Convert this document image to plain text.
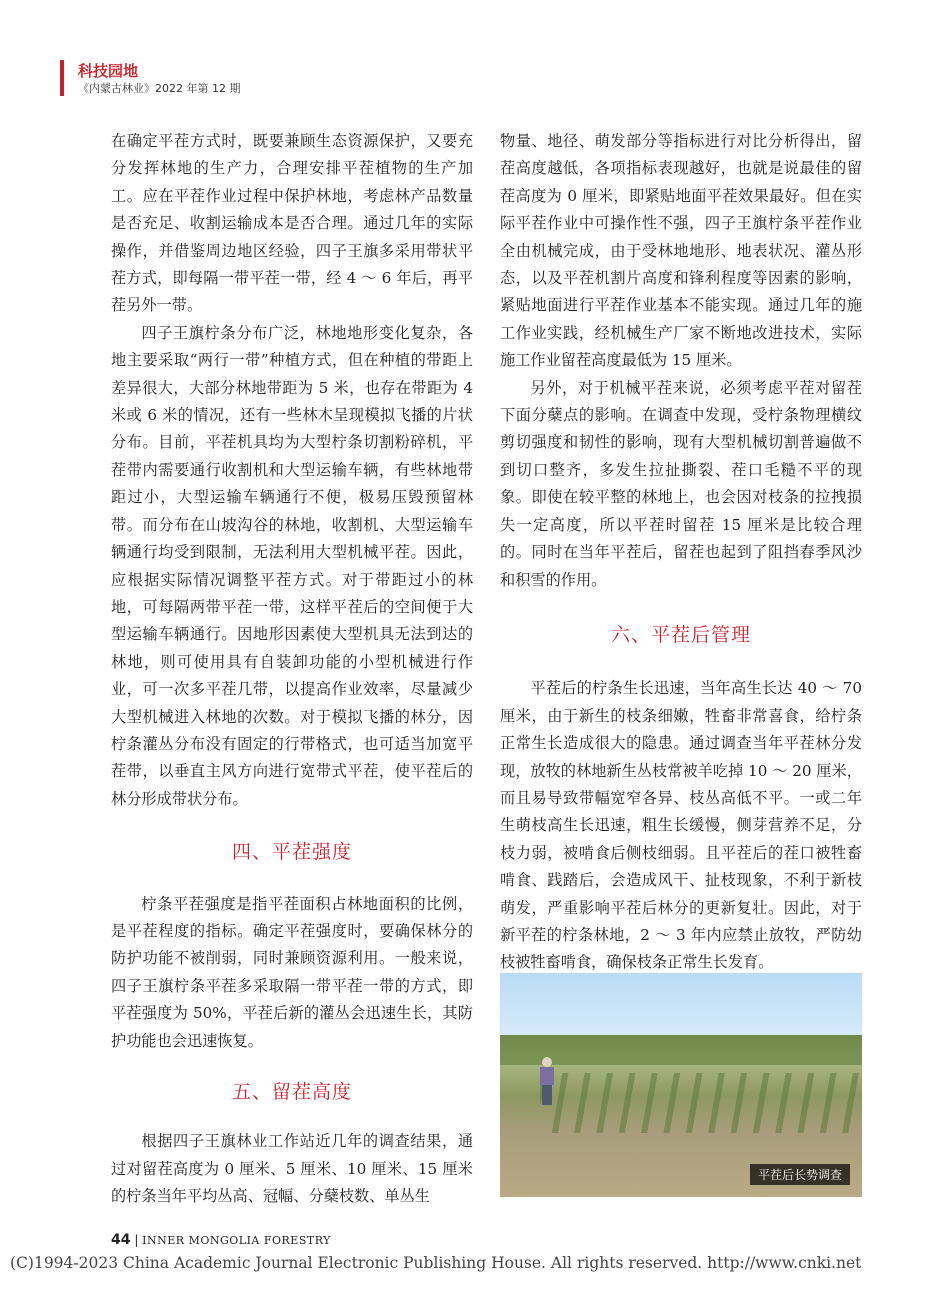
科技园地
《内蒙古林业》2022 年第 12 期

在确定平茬方式时，既要兼顾生态资源保护，又要充分发挥林地的生产力，合理安排平茬植物的生产加工。应在平茬作业过程中保护林地，考虑林产品数量是否充足、收割运输成本是否合理。通过几年的实际操作，并借鉴周边地区经验，四子王旗多采用带状平茬方式，即每隔一带平茬一带，经 4 ～ 6 年后，再平茬另外一带。

四子王旗柠条分布广泛，林地地形变化复杂，各地主要采取“两行一带”种植方式，但在种植的带距上差异很大，大部分林地带距为 5 米，也存在带距为 4 米或 6 米的情况，还有一些林木呈现模拟飞播的片状分布。目前，平茬机具均为大型柠条切割粉碎机，平茬带内需要通行收割机和大型运输车辆，有些林地带距过小，大型运输车辆通行不便，极易压毁预留林带。而分布在山坡沟谷的林地，收割机、大型运输车辆通行均受到限制，无法利用大型机械平茬。因此，应根据实际情况调整平茬方式。对于带距过小的林地，可每隔两带平茬一带，这样平茬后的空间便于大型运输车辆通行。因地形因素使大型机具无法到达的林地，则可使用具有自装卸功能的小型机械进行作业，可一次多平茬几带，以提高作业效率，尽量减少大型机械进入林地的次数。对于模拟飞播的林分，因柠条灌丛分布没有固定的行带格式，也可适当加宽平茬带，以垂直主风方向进行宽带式平茬，使平茬后的林分形成带状分布。

四、平茬强度

柠条平茬强度是指平茬面积占林地面积的比例，是平茬程度的指标。确定平茬强度时，要确保林分的防护功能不被削弱，同时兼顾资源利用。一般来说，四子王旗柠条平茬多采取隔一带平茬一带的方式，即平茬强度为 50%，平茬后新的灌丛会迅速生长，其防护功能也会迅速恢复。

五、留茬高度

根据四子王旗林业工作站近几年的调查结果，通过对留茬高度为 0 厘米、5 厘米、10 厘米、15 厘米的柠条当年平均丛高、冠幅、分蘖枝数、单丛生

物量、地径、萌发部分等指标进行对比分析得出，留茬高度越低，各项指标表现越好，也就是说最佳的留茬高度为 0 厘米，即紧贴地面平茬效果最好。但在实际平茬作业中可操作性不强，四子王旗柠条平茬作业全由机械完成，由于受林地地形、地表状况、灌丛形态，以及平茬机割片高度和锋利程度等因素的影响，紧贴地面进行平茬作业基本不能实现。通过几年的施工作业实践，经机械生产厂家不断地改进技术，实际施工作业留茬高度最低为 15 厘米。

另外，对于机械平茬来说，必须考虑平茬对留茬下面分蘖点的影响。在调查中发现，受柠条物理横纹剪切强度和韧性的影响，现有大型机械切割普遍做不到切口整齐，多发生拉扯撕裂、茬口毛糙不平的现象。即使在较平整的林地上，也会因对枝条的拉拽损失一定高度，所以平茬时留茬 15 厘米是比较合理的。同时在当年平茬后，留茬也起到了阻挡春季风沙和积雪的作用。

六、平茬后管理

平茬后的柠条生长迅速，当年高生长达 40 ～ 70 厘米，由于新生的枝条细嫩，牲畜非常喜食，给柠条正常生长造成很大的隐患。通过调查当年平茬林分发现，放牧的林地新生丛枝常被羊吃掉 10 ～ 20 厘米，而且易导致带幅宽窄各异、枝丛高低不平。一或二年生萌枝高生长迅速，粗生长缓慢，侧芽营养不足，分枝力弱，被啃食后侧枝细弱。且平茬后的茬口被牲畜啃食、践踏后，会造成风干、扯枝现象，不利于新枝萌发，严重影响平茬后林分的更新复壮。因此，对于新平茬的柠条林地，2 ～ 3 年内应禁止放牧，严防幼枝被牲畜啃食，确保枝条正常生长发育。

平茬后长势调查
44 | INNER MONGOLIA FORESTRY
(C)1994-2023 China Academic Journal Electronic Publishing House. All rights reserved. http://www.cnki.net
